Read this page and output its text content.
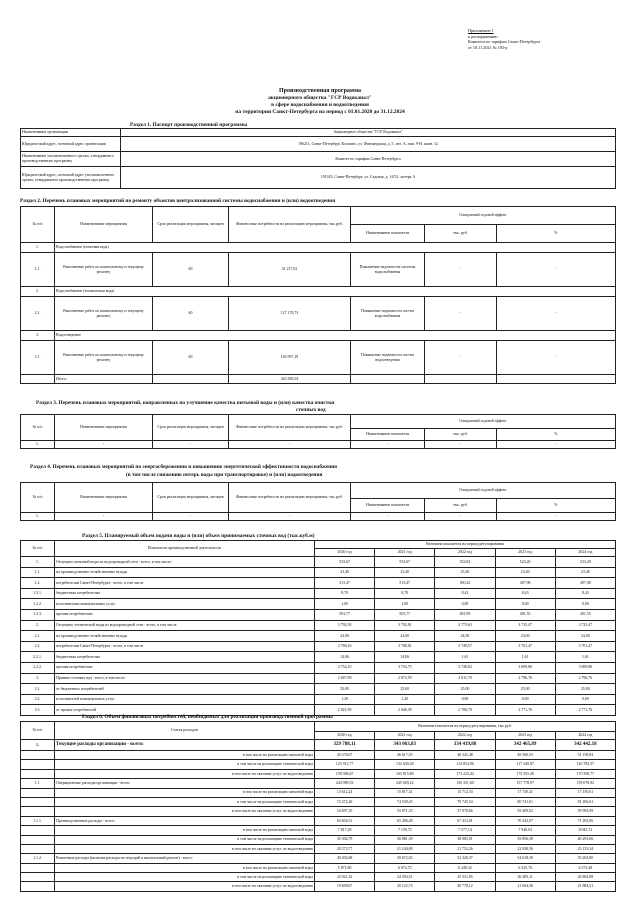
Приложение 1
к распоряжению
Комитета по тарифам Санкт-Петербурга
от 18.11.2021 № 183-р
Производственная программа
акционерного общества "ГСР Водоканал"
в сфере водоснабжения и водоотведения
на территории Санкт-Петербурга на период с 01.01.2020 до 31.12.2024
Раздел 1. Паспорт производственной программы
Наименование организации	Акционерное общество "ГСР Водоканал"
Юридический адрес, почтовый адрес организации	196211, Санкт-Петербург, Колпино, ул. Финляндская, д. 5, лит. А, пом. 9-Н, комн. 12
Наименование уполномоченного органа, утвердившего производственную программу	Комитет по тарифам Санкт-Петербурга
Юридический адрес, почтовый адрес уполномоченного органа, утвердившего производственную программу	191023, Санкт-Петербург, ул. Садовая, д. 14/52, литера А
Раздел 2. Перечень плановых мероприятий по ремонту объектов централизованной системы водоснабжения и (или) водоотведения
№ п/п	Наименование мероприятия	Срок реализации мероприятия, месяцев	Финансовые потребности на реализацию мероприятия, тыс.руб.	Ожидаемый годовой эффект		
				Наименование показателя	тыс. руб.	%
1.	Водоснабжение (питьевая вода)					
1.1.	Выполнение работ по капитальному и текущему ремонту	60	31 217,02	Повышение надежности системы водоснабжения	-	-
2.	Водоснабжение (техническая вода)					
2.1.	Выполнение работ по капитальному и текущему ремонту	60	127 170,73	Повышение надежности систем водоснабжения	-	-
3.	Водоотведение					
3.1.	Выполнение работ по капитальному и текущему ремонту	60	184 997,29	Повышение надежности систем водоотведения	-	-
	Итого:		343 385,04			
Раздел 3. Перечень плановых мероприятий, направленных на улучшение качества питьевой воды и (или) качества очистки
сточных вод
№ п/п	Наименование мероприятия	Срок реализации мероприятия, месяцев	Финансовые потребности на реализацию мероприятия, тыс.руб.	Ожидаемый годовой эффект		
				Наименование показателя	тыс. руб.	%
1.	-	-	-	-	-	-
Раздел 4. Перечень плановых мероприятий по энергосбережению и повышению энергетической эффективности водоснабжения
(в том числе снижению потерь воды при транспортировке) и (или) водоотведения
№ п/п	Наименование мероприятия	Срок реализации мероприятия, месяцев	Финансовые потребности на реализацию мероприятия, тыс.руб.	Ожидаемый годовой эффект		
				Наименование показателя	тыс. руб.	%
1.	-	-	-	-	-	-
Раздел 5. Планируемый объем подачи воды и (или) объем принимаемых сточных вод (тыс.куб.м)
№ п/п	Показатели производственной деятельности	Величина показателя на период регулирования				
		2020 год	2021 год	2022 год	2023 год	2024 год
1.	Отпущено питьевой воды из водопроводной сети - всего, в том числе:	533,67	533,67	523,82	523,26	523,28
1.1.	на производственно-хозяйственные нужды	23,40	23,40	23,40	23,40	23,40
1.2.	потребителям Санкт-Петербурга - всего, в том числе	513,47	513,47	500,42	497,98	497,98
1.2.1.	бюджетным потребителям	8,70	8,70	8,43	8,43	8,43
1.2.2.	исполнителям коммунальных услуг	1,00	1,00	0,00	0,00	0,00
1.2.3.	прочим потребителям	503,77	503,77	491,99	491,55	491,55
2.	Отпущено технической воды из водопроводной сети - всего, в том числе	3 792,50	3 792,81	3 773,63	3 725,47	3 725,47
2.1.	на производственно-хозяйственные нужды	24,00	24,00	24,00	24,00	24,00
2.2.	потребителям Санкт-Петербурга - всего, в том числе	3 768,16	3 768,81	3 749,57	3 701,47	3 701,47
2.2.1.	бюджетным потребителям	14,06	14,06	1,61	1,61	1,61
2.2.2.	прочим потребителям	3 754,10	3 754,75	3 748,02	3 699,86	3 699,86
3.	Принято сточных вод - всего, в том числе	2 847,99	2 872,59	2 811,70	2 796,76	2 796,76
3.1.	от бюджетных потребителей	25,00	25,00	25,00	25,00	25,00
3.2.	исполнителей коммунальных услуг	1,20	1,20	0,00	0,00	0,00
3.3.	от прочих потребителей	2 821,99	2 846,39	2 786,70	2 771,76	2 771,76
Раздел 6. Объем финансовых потребностей, необходимых для реализации производственной программы
№ п/п	Статья расходов	Величина показателя на период регулирования, тыс.руб.				
		2020 год	2021 год	2022 год	2023 год	2024 год
1.	Текущие расходы организации - всего:	329 788,11	343 063,83	334 419,88	342 465,89	342 442,18
	в том числе на реализацию питьевой воды	45 478,67	46 617,55	46 341,48	49 560,53	51 158,84
	в том числе на реализацию технической воды	125 912,77	132 630,48	114 854,96	117 349,87	120 782,57
	в том числе на оказание услуг по водоотведению	158 396,67	163 815,80	173 223,44	175 555,49	170 500,77
1.1.	Операционные расходы организации - всего:	244 989,53	245 029,22	150 351,60	157 778,97	159 078,82
	в том числе на реализацию питьевой воды	13 612,24	15 817,31	15 712,33	17 730,41	17 150,61
	в том числе на реализацию технической воды	72 472,26	74 538,45	79 745,54	80 741,61	81 206,61
	в том числе на оказание услуг по водоотведению	54 697,10	55 071,35	57 078,66	59 409,02	59 993,99
1.1.1.	Производственные расходы - всего:	63 604,51	65 286,48	67 412,01	70 342,07	71 203,96
	в том числе на реализацию питьевой воды	7 817,28	7 159,72	7 577,14	7 940,03	8 045,72
	в том числе на реализацию технической воды	35 504,79	36 881,39	38 085,01	39 856,58	40 293,06
	в том числе на оказание услуг по водоотведению	20 573,77	21 104,88	21 752,26	22 938,56	23 153,34
1.1.2.	Ремонтные расходы (включая расходы на текущий и капитальный ремонт) - всего:	49 402,68	50 672,02	52 320,37	54 618,39	55 263,80
	в том числе на реализацию питьевой воды	5 871,80	6 072,75	6 240,32	6 525,70	6 573,48
	в том числе на реализацию технической воды	23 921,22	24 594,51	25 331,85	26 385,11	26 804,88
	в том числе на оказание услуг по водоотведению	19 609,67	20 122,73	20 778,12	21 604,58	21 884,51
